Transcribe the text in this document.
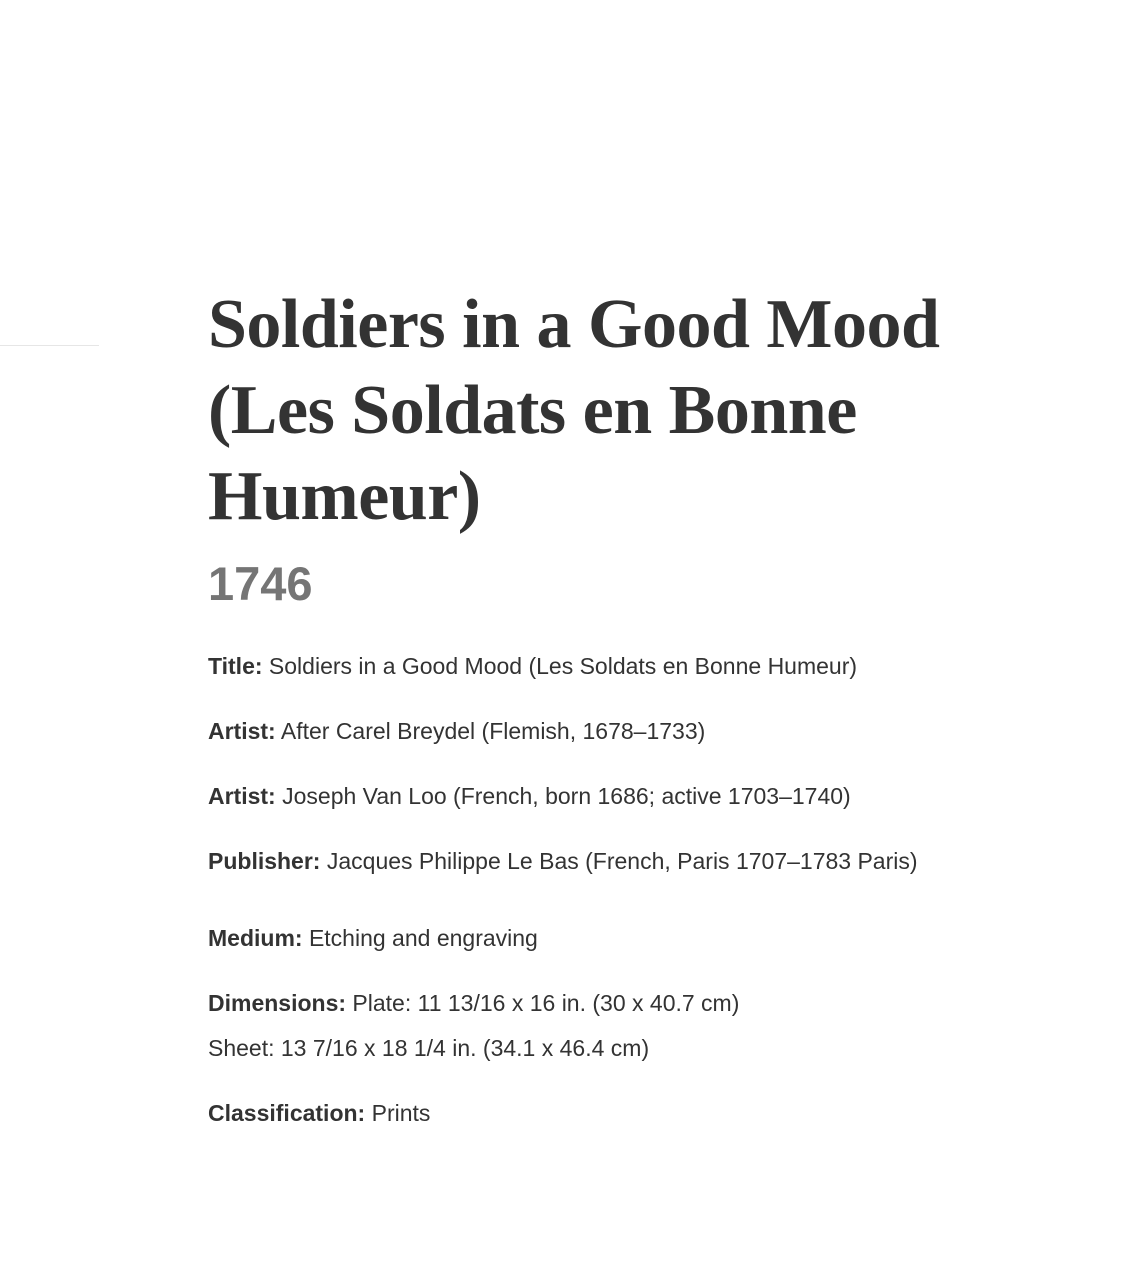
Soldiers in a Good Mood (Les Soldats en Bonne Humeur)
1746
Title: Soldiers in a Good Mood (Les Soldats en Bonne Humeur)
Artist: After Carel Breydel (Flemish, 1678–1733)
Artist: Joseph Van Loo (French, born 1686; active 1703–1740)
Publisher: Jacques Philippe Le Bas (French, Paris 1707–1783 Paris)
Medium: Etching and engraving
Dimensions: Plate: 11 13/16 x 16 in. (30 x 40.7 cm)
Sheet: 13 7/16 x 18 1/4 in. (34.1 x 46.4 cm)
Classification: Prints
